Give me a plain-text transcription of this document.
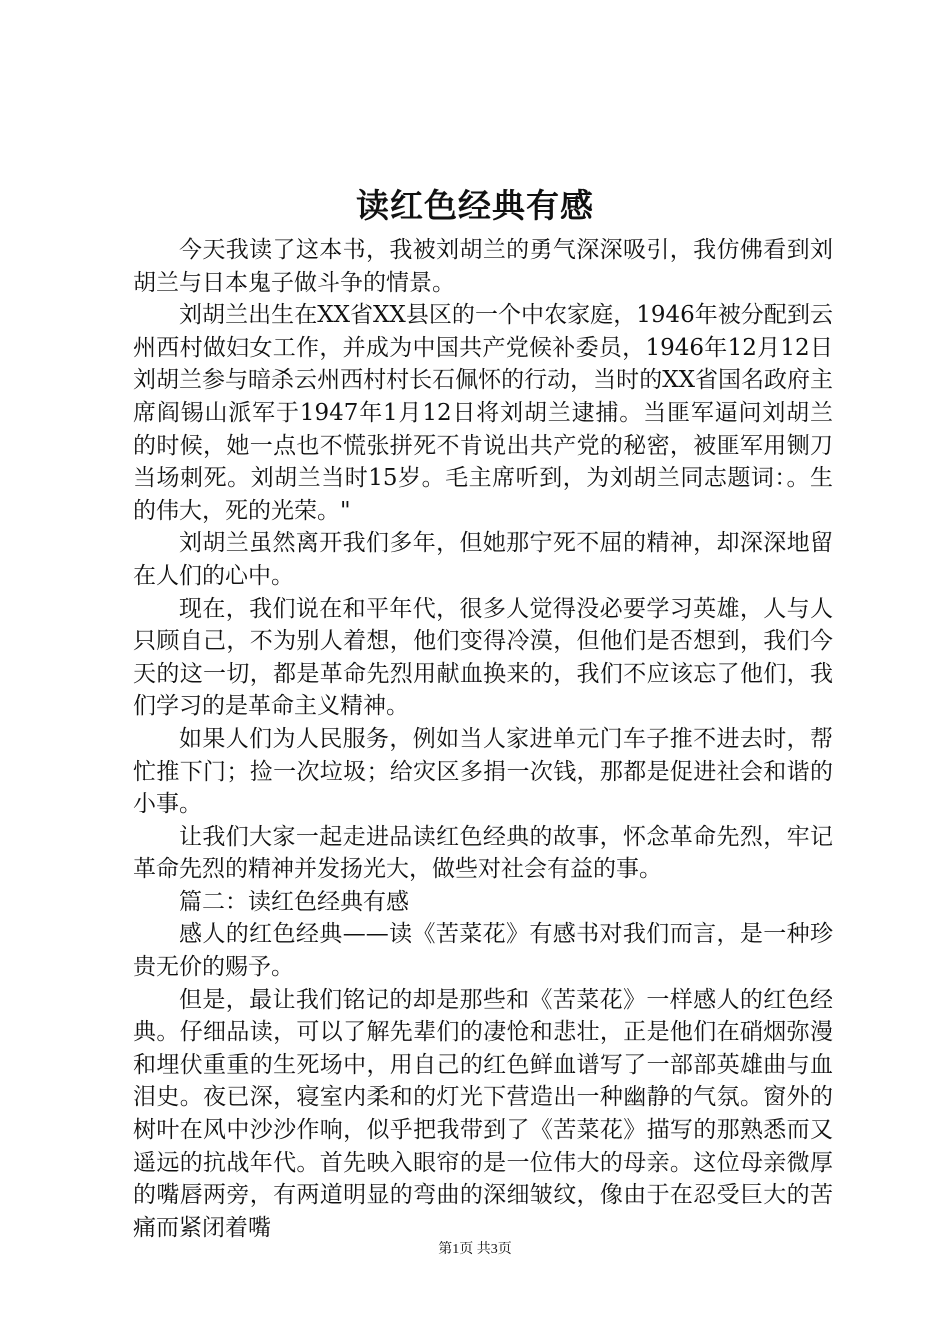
读红色经典有感

今天我读了这本书，我被刘胡兰的勇气深深吸引，我仿佛看到刘胡兰与日本鬼子做斗争的情景。

刘胡兰出生在XX省XX县区的一个中农家庭，1946年被分配到云州西村做妇女工作，并成为中国共产党候补委员，1946年12月12日刘胡兰参与暗杀云州西村村长石佩怀的行动，当时的XX省国名政府主席阎锡山派军于1947年1月12日将刘胡兰逮捕。当匪军逼问刘胡兰的时候，她一点也不慌张拼死不肯说出共产党的秘密，被匪军用铡刀当场刺死。刘胡兰当时15岁。毛主席听到，为刘胡兰同志题词：。生的伟大，死的光荣。"

刘胡兰虽然离开我们多年，但她那宁死不屈的精神，却深深地留在人们的心中。

现在，我们说在和平年代，很多人觉得没必要学习英雄，人与人只顾自己，不为别人着想，他们变得冷漠，但他们是否想到，我们今天的这一切，都是革命先烈用献血换来的，我们不应该忘了他们，我们学习的是革命主义精神。

如果人们为人民服务，例如当人家进单元门车子推不进去时，帮忙推下门；捡一次垃圾；给灾区多捐一次钱，那都是促进社会和谐的小事。

让我们大家一起走进品读红色经典的故事，怀念革命先烈，牢记革命先烈的精神并发扬光大，做些对社会有益的事。

篇二：读红色经典有感

感人的红色经典——读《苦菜花》有感书对我们而言，是一种珍贵无价的赐予。

但是，最让我们铭记的却是那些和《苦菜花》一样感人的红色经典。仔细品读，可以了解先辈们的凄怆和悲壮，正是他们在硝烟弥漫和埋伏重重的生死场中，用自己的红色鲜血谱写了一部部英雄曲与血泪史。夜已深，寝室内柔和的灯光下营造出一种幽静的气氛。窗外的树叶在风中沙沙作响，似乎把我带到了《苦菜花》描写的那熟悉而又遥远的抗战年代。首先映入眼帘的是一位伟大的母亲。这位母亲微厚的嘴唇两旁，有两道明显的弯曲的深细皱纹，像由于在忍受巨大的苦痛而紧闭着嘴

第1页 共3页
